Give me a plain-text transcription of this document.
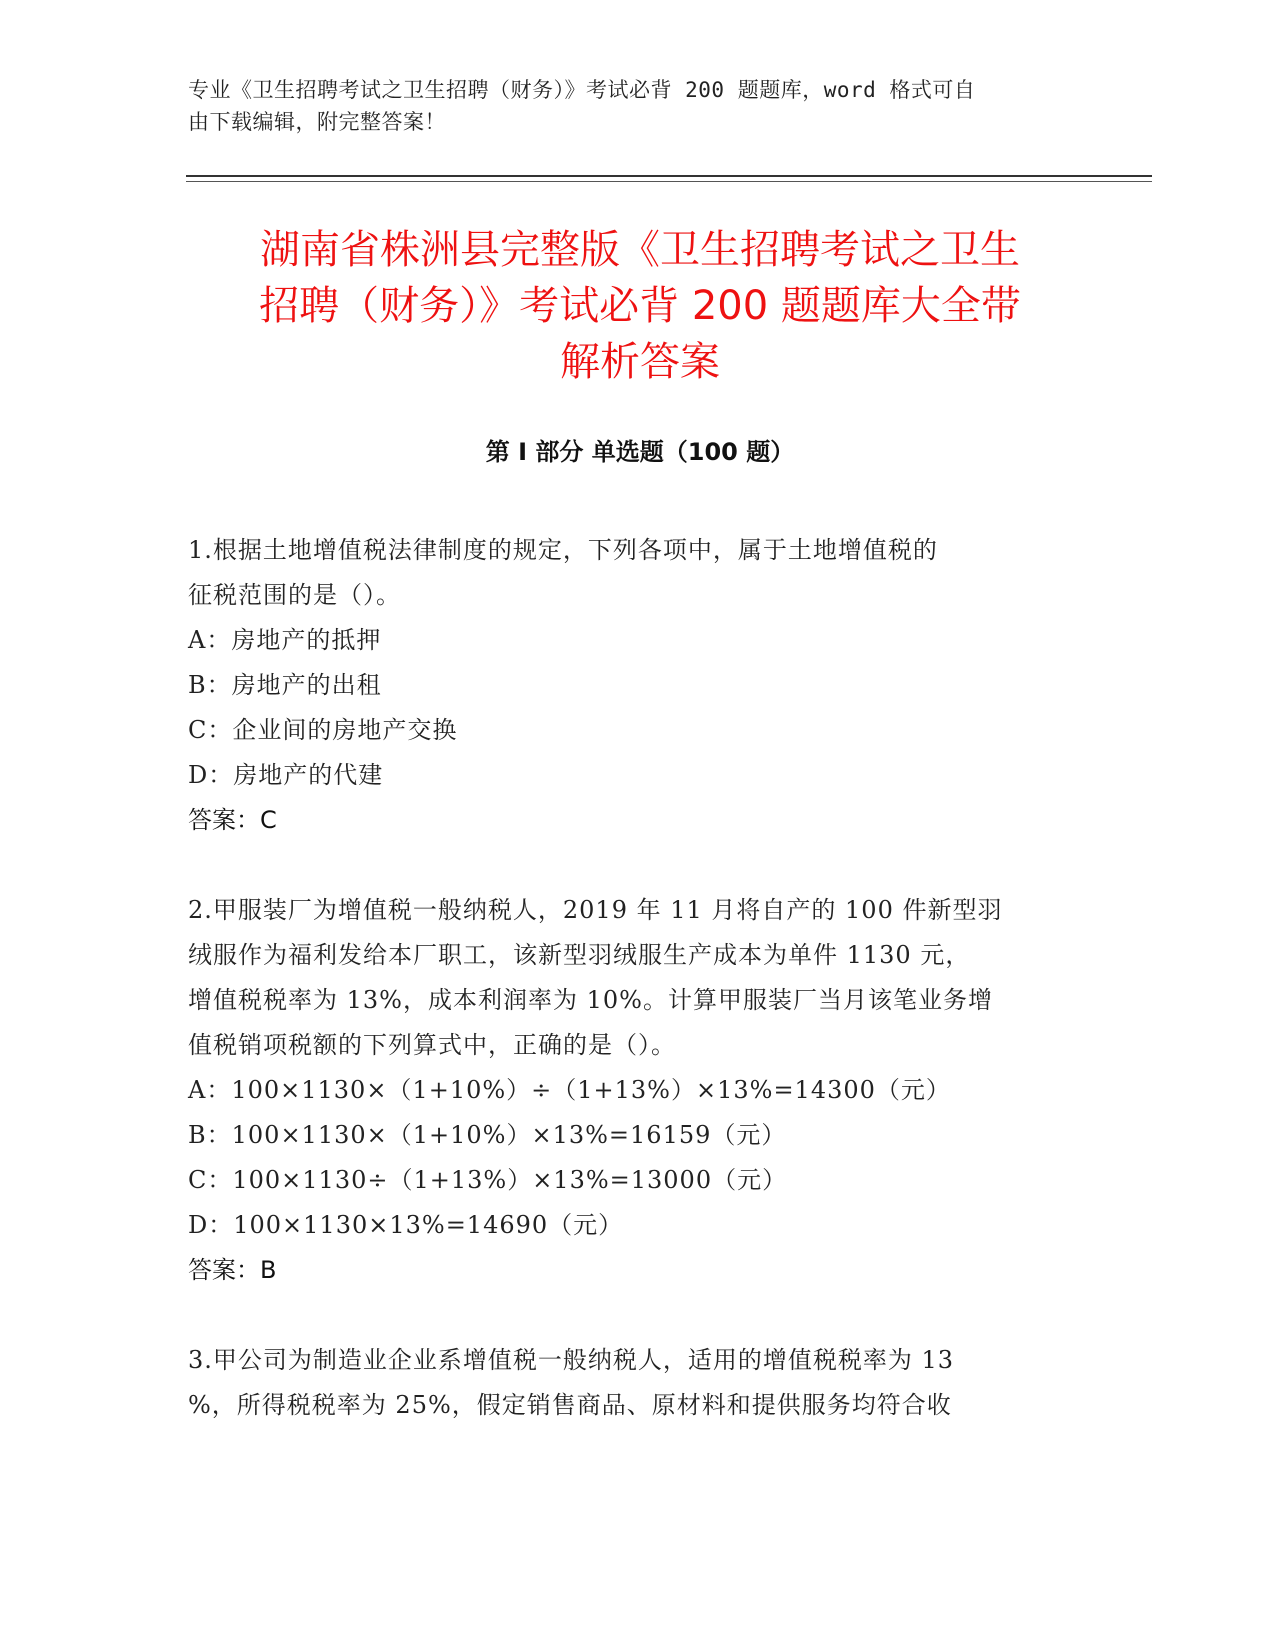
专业《卫生招聘考试之卫生招聘（财务）》考试必背 200 题题库，word 格式可自
由下载编辑，附完整答案！
湖南省株洲县完整版《卫生招聘考试之卫生
招聘（财务）》考试必背 200 题题库大全带
解析答案
第 I 部分 单选题（100 题）

1.根据土地增值税法律制度的规定，下列各项中，属于土地增值税的

征税范围的是（）。

A：房地产的抵押

B：房地产的出租

C：企业间的房地产交换

D：房地产的代建

答案：C

2.甲服装厂为增值税一般纳税人，2019 年 11 月将自产的 100 件新型羽

绒服作为福利发给本厂职工，该新型羽绒服生产成本为单件 1130 元，

增值税税率为 13%，成本利润率为 10%。计算甲服装厂当月该笔业务增

值税销项税额的下列算式中，正确的是（）。

A：100×1130×（1+10%）÷（1+13%）×13%=14300（元）

B：100×1130×（1+10%）×13%=16159（元）

C：100×1130÷（1+13%）×13%=13000（元）

D：100×1130×13%=14690（元）

答案：B

3.甲公司为制造业企业系增值税一般纳税人，适用的增值税税率为 13

%，所得税税率为 25%，假定销售商品、原材料和提供服务均符合收
